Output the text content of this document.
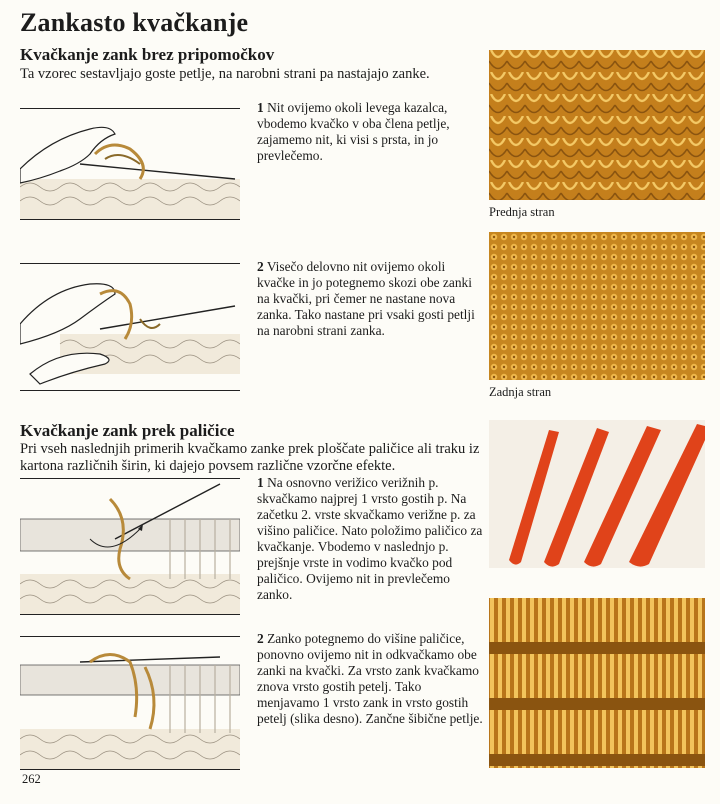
Zankasto kvačkanje
Kvačkanje zank brez pripomočkov
Ta vzorec sestavljajo goste petlje, na narobni strani pa nastajajo zanke.
1 Nit ovijemo okoli levega kazalca, vbodemo kvačko v oba člena petlje, zajamemo nit, ki visi s prsta, in jo prevlečemo.
2 Visečo delovno nit ovijemo okoli kvačke in jo potegnemo skozi obe zanki na kvački, pri čemer ne nastane nova zanka. Tako nastane pri vsaki gosti petlji na narobni strani zanka.
Prednja stran
Zadnja stran
Kvačkanje zank prek paličice
Pri vseh naslednjih primerih kvačkamo zanke prek ploščate paličice ali traku iz kartona različnih širin, ki dajejo povsem različne vzorčne efekte.
1 Na osnovno verižico verižnih p. skvačkamo najprej 1 vrsto gostih p. Na začetku 2. vrste skvačkamo verižne p. za višino paličice. Nato položimo paličico za kvačkanje. Vbodemo v naslednjo p. prejšnje vrste in vodimo kvačko pod paličico. Ovijemo nit in prevlečemo zanko.
2 Zanko potegnemo do višine paličice, ponovno ovijemo nit in odkvačkamo obe zanki na kvački. Za vrsto zank kvačkamo znova vrsto gostih petelj. Tako menjavamo 1 vrsto zank in vrsto gostih petelj (slika desno). Zančne šibične petlje.
262
